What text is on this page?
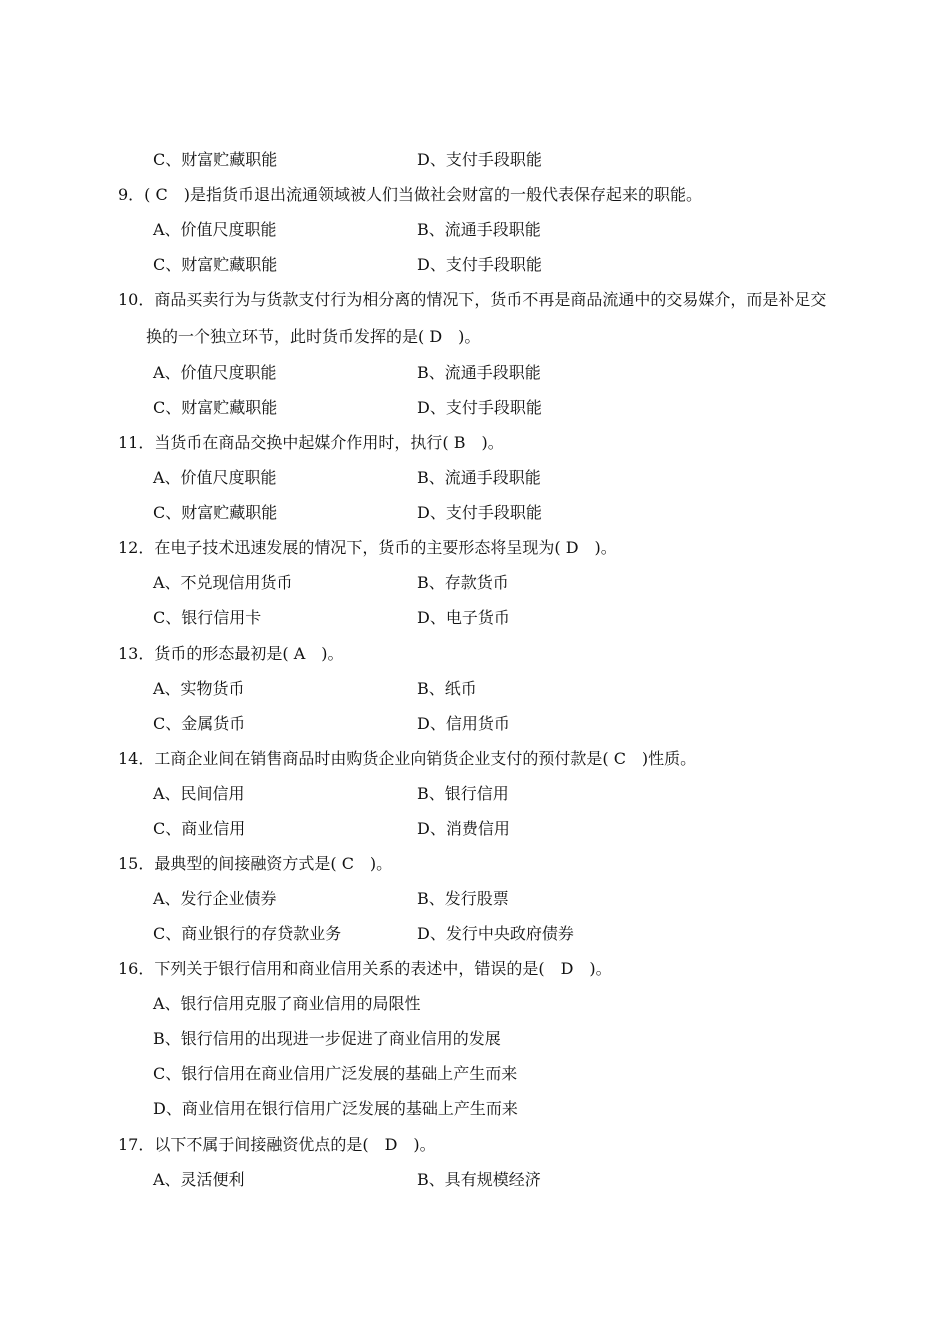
C、财富贮藏职能	D、支付手段职能
9．( C　)是指货币退出流通领域被人们当做社会财富的一般代表保存起来的职能。
A、价值尺度职能	B、流通手段职能
C、财富贮藏职能	D、支付手段职能
10．商品买卖行为与货款支付行为相分离的情况下，货币不再是商品流通中的交易媒介，而是补足交
换的一个独立环节，此时货币发挥的是( D　)。
A、价值尺度职能	B、流通手段职能
C、财富贮藏职能	D、支付手段职能
11．当货币在商品交换中起媒介作用时，执行( B　)。
A、价值尺度职能	B、流通手段职能
C、财富贮藏职能	D、支付手段职能
12．在电子技术迅速发展的情况下，货币的主要形态将呈现为( D　)。
A、不兑现信用货币	B、存款货币
C、银行信用卡	D、电子货币
13．货币的形态最初是( A　)。
A、实物货币	B、纸币
C、金属货币	D、信用货币
14．工商企业间在销售商品时由购货企业向销货企业支付的预付款是( C　)性质。
A、民间信用	B、银行信用
C、商业信用	D、消费信用
15．最典型的间接融资方式是( C　)。
A、发行企业债券	B、发行股票
C、商业银行的存贷款业务	D、发行中央政府债券
16．下列关于银行信用和商业信用关系的表述中，错误的是(　D　)。
A、银行信用克服了商业信用的局限性
B、银行信用的出现进一步促进了商业信用的发展
C、银行信用在商业信用广泛发展的基础上产生而来
D、商业信用在银行信用广泛发展的基础上产生而来
17．以下不属于间接融资优点的是(　D　)。
A、灵活便利	B、具有规模经济
